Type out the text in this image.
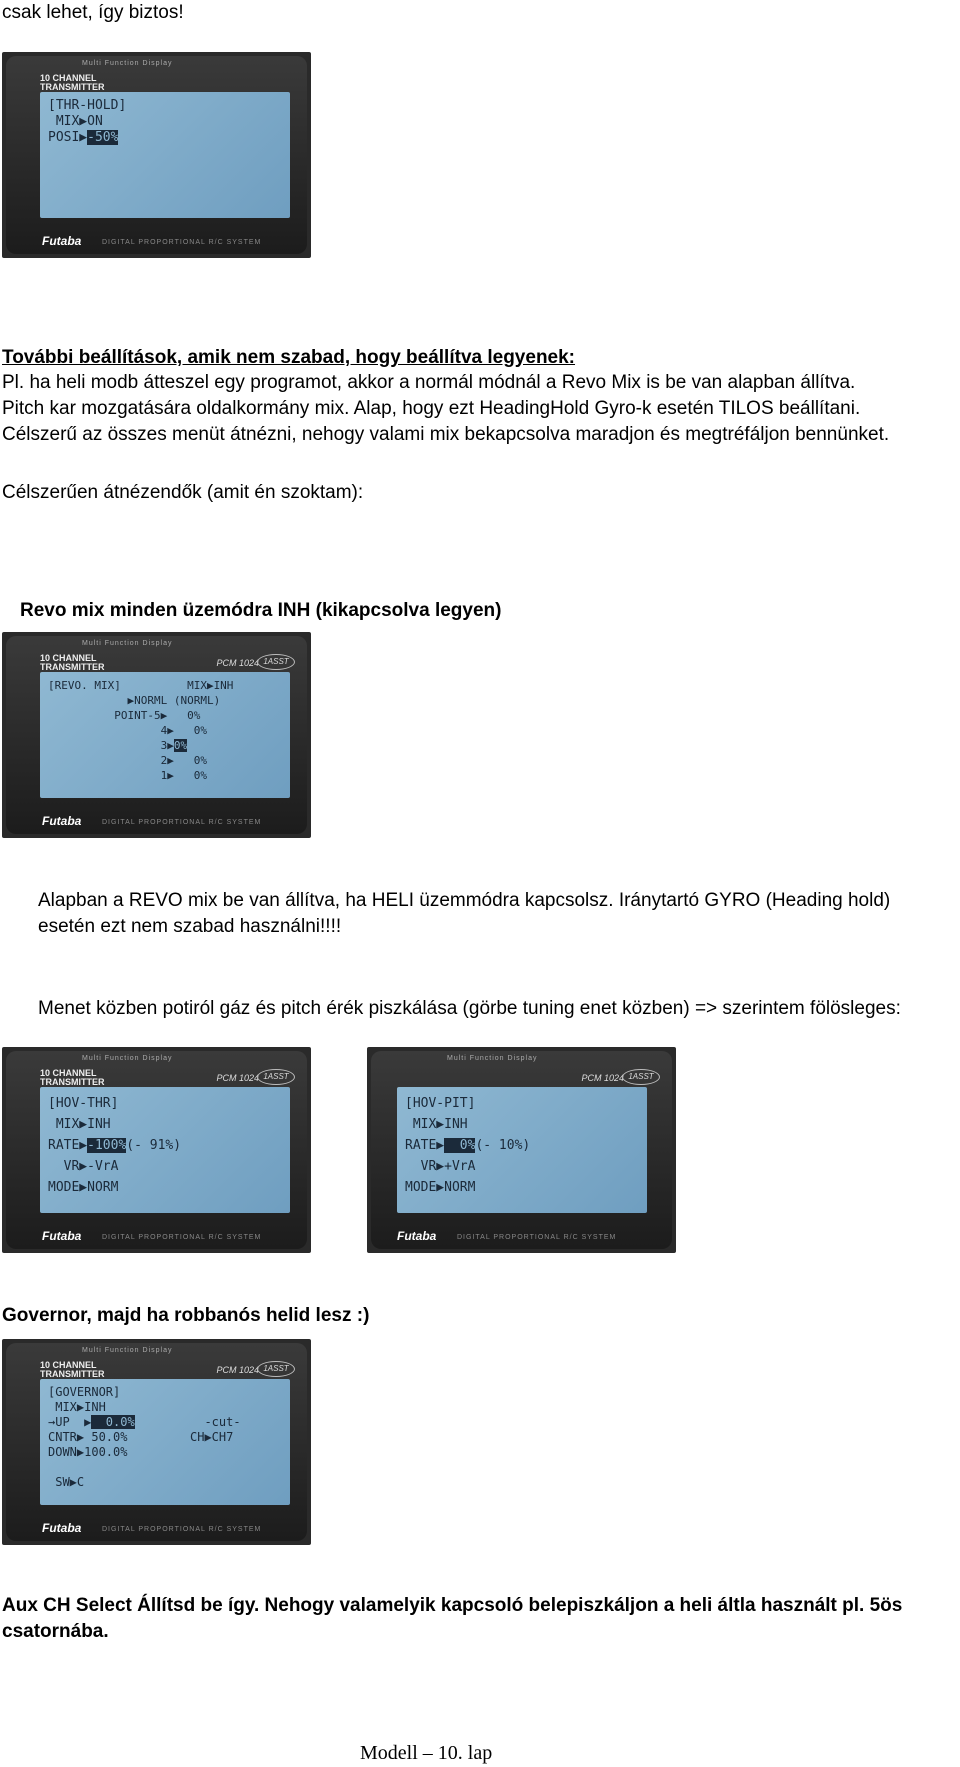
csak lehet, így biztos!
Multi Function Display
10 CHANNEL TRANSMITTER
[THR-HOLD]
MIX▶ON
POSI▶-50%
Futaba	DIGITAL PROPORTIONAL R/C SYSTEM
További beállítások, amik nem szabad, hogy beállítva legyenek:
Pl. ha heli modb átteszel egy programot, akkor a normál módnál a Revo Mix is be van alapban állítva.
Pitch kar mozgatására oldalkormány mix. Alap, hogy ezt HeadingHold Gyro-k esetén TILOS beállítani.
Célszerű az összes menüt átnézni, nehogy valami mix bekapcsolva maradjon és megtréfáljon bennünket.
Célszerűen átnézendők (amit én szoktam):
Revo mix minden üzemódra INH (kikapcsolva legyen)
Multi Function Display
10 CHANNEL TRANSMITTER	PCM 1024 1ASST
[REVO. MIX]          MIX▶INH
▶NORML (NORML)
POINT-5▶   0%
4▶   0%
3▶0%
2▶   0%
1▶   0%
Futaba	DIGITAL PROPORTIONAL R/C SYSTEM
Alapban a REVO mix be van állítva, ha HELI üzemmódra kapcsolsz. Iránytartó GYRO (Heading hold)
esetén ezt nem szabad használni!!!!
Menet közben potiról gáz és pitch érék piszkálása (görbe tuning enet közben) => szerintem fölösleges:
Multi Function Display
10 CHANNEL TRANSMITTER	PCM 1024 1ASST
[HOV-THR]
MIX▶INH
RATE▶-100%(- 91%)
VR▶-VrA
MODE▶NORM
Futaba	DIGITAL PROPORTIONAL R/C SYSTEM
Multi Function Display
PCM 1024 1ASST
[HOV-PIT]
MIX▶INH
RATE▶  0%(- 10%)
VR▶+VrA
MODE▶NORM
Futaba	DIGITAL PROPORTIONAL R/C SYSTEM
Governor, majd ha robbanós helid lesz :)
Multi Function Display
10 CHANNEL TRANSMITTER	PCM 1024 1ASST
[GOVERNOR]
MIX▶INH
→UP  ▶  0.0%
CNTR▶ 50.0%
DOWN▶100.0%

SW▶C
-cut-
CH▶CH7
Futaba	DIGITAL PROPORTIONAL R/C SYSTEM
Aux CH Select Állítsd be így. Nehogy valamelyik kapcsoló belepiszkáljon a heli áltla használt pl. 5ös
csatornába.
Modell – 10. lap
